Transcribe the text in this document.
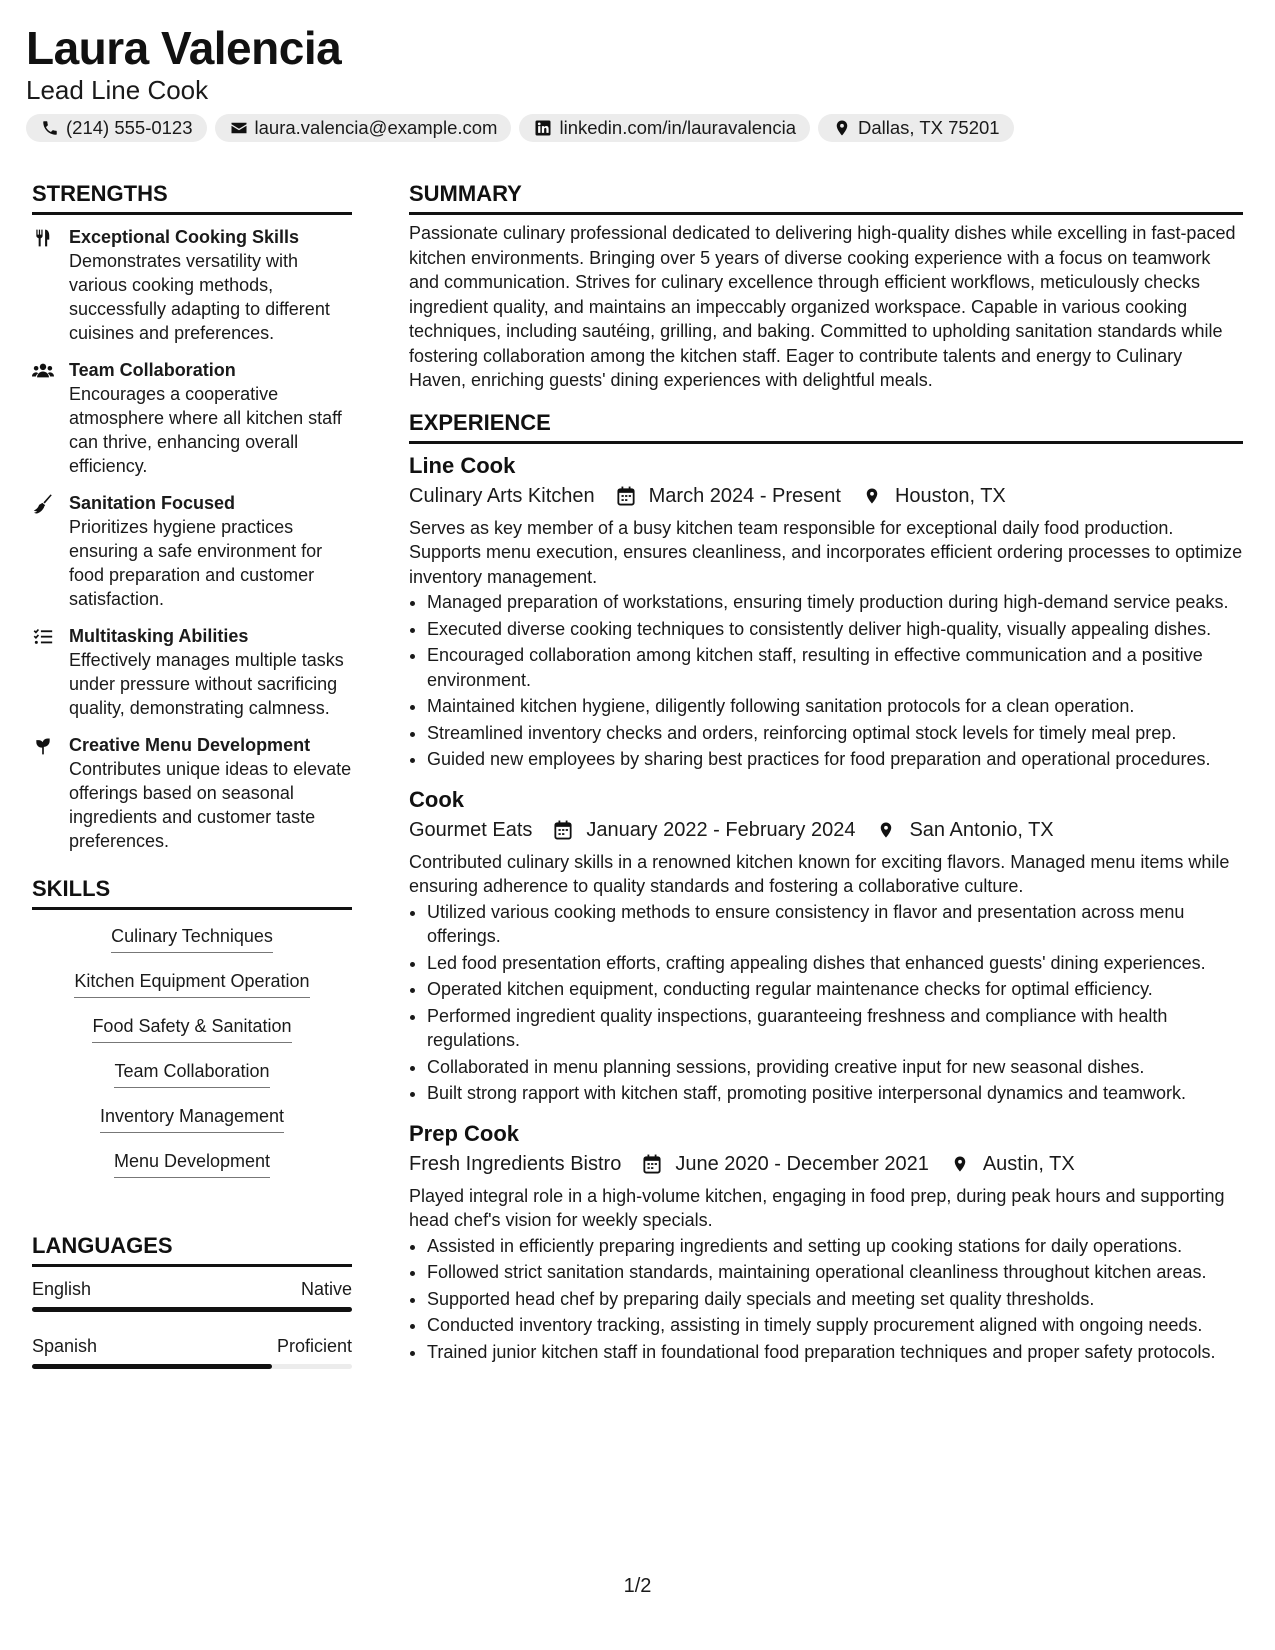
Laura Valencia
Lead Line Cook
(214) 555-0123	laura.valencia@example.com	linkedin.com/in/lauravalencia	Dallas, TX 75201
STRENGTHS
Exceptional Cooking Skills
Demonstrates versatility with various cooking methods, successfully adapting to different cuisines and preferences.
Team Collaboration
Encourages a cooperative atmosphere where all kitchen staff can thrive, enhancing overall efficiency.
Sanitation Focused
Prioritizes hygiene practices ensuring a safe environment for food preparation and customer satisfaction.
Multitasking Abilities
Effectively manages multiple tasks under pressure without sacrificing quality, demonstrating calmness.
Creative Menu Development
Contributes unique ideas to elevate offerings based on seasonal ingredients and customer taste preferences.
SKILLS
Culinary Techniques
Kitchen Equipment Operation
Food Safety & Sanitation
Team Collaboration
Inventory Management
Menu Development
LANGUAGES
English	Native
Spanish	Proficient
SUMMARY
Passionate culinary professional dedicated to delivering high-quality dishes while excelling in fast-paced kitchen environments. Bringing over 5 years of diverse cooking experience with a focus on teamwork and communication. Strives for culinary excellence through efficient workflows, meticulously checks ingredient quality, and maintains an impeccably organized workspace. Capable in various cooking techniques, including sautéing, grilling, and baking. Committed to upholding sanitation standards while fostering collaboration among the kitchen staff. Eager to contribute talents and energy to Culinary Haven, enriching guests' dining experiences with delightful meals.
EXPERIENCE
Line Cook
Culinary Arts Kitchen	March 2024 - Present	Houston, TX
Serves as key member of a busy kitchen team responsible for exceptional daily food production. Supports menu execution, ensures cleanliness, and incorporates efficient ordering processes to optimize inventory management.
• Managed preparation of workstations, ensuring timely production during high-demand service peaks.
• Executed diverse cooking techniques to consistently deliver high-quality, visually appealing dishes.
• Encouraged collaboration among kitchen staff, resulting in effective communication and a positive environment.
• Maintained kitchen hygiene, diligently following sanitation protocols for a clean operation.
• Streamlined inventory checks and orders, reinforcing optimal stock levels for timely meal prep.
• Guided new employees by sharing best practices for food preparation and operational procedures.
Cook
Gourmet Eats	January 2022 - February 2024	San Antonio, TX
Contributed culinary skills in a renowned kitchen known for exciting flavors. Managed menu items while ensuring adherence to quality standards and fostering a collaborative culture.
• Utilized various cooking methods to ensure consistency in flavor and presentation across menu offerings.
• Led food presentation efforts, crafting appealing dishes that enhanced guests' dining experiences.
• Operated kitchen equipment, conducting regular maintenance checks for optimal efficiency.
• Performed ingredient quality inspections, guaranteeing freshness and compliance with health regulations.
• Collaborated in menu planning sessions, providing creative input for new seasonal dishes.
• Built strong rapport with kitchen staff, promoting positive interpersonal dynamics and teamwork.
Prep Cook
Fresh Ingredients Bistro	June 2020 - December 2021	Austin, TX
Played integral role in a high-volume kitchen, engaging in food prep, during peak hours and supporting head chef's vision for weekly specials.
• Assisted in efficiently preparing ingredients and setting up cooking stations for daily operations.
• Followed strict sanitation standards, maintaining operational cleanliness throughout kitchen areas.
• Supported head chef by preparing daily specials and meeting set quality thresholds.
• Conducted inventory tracking, assisting in timely supply procurement aligned with ongoing needs.
• Trained junior kitchen staff in foundational food preparation techniques and proper safety protocols.
1/2
